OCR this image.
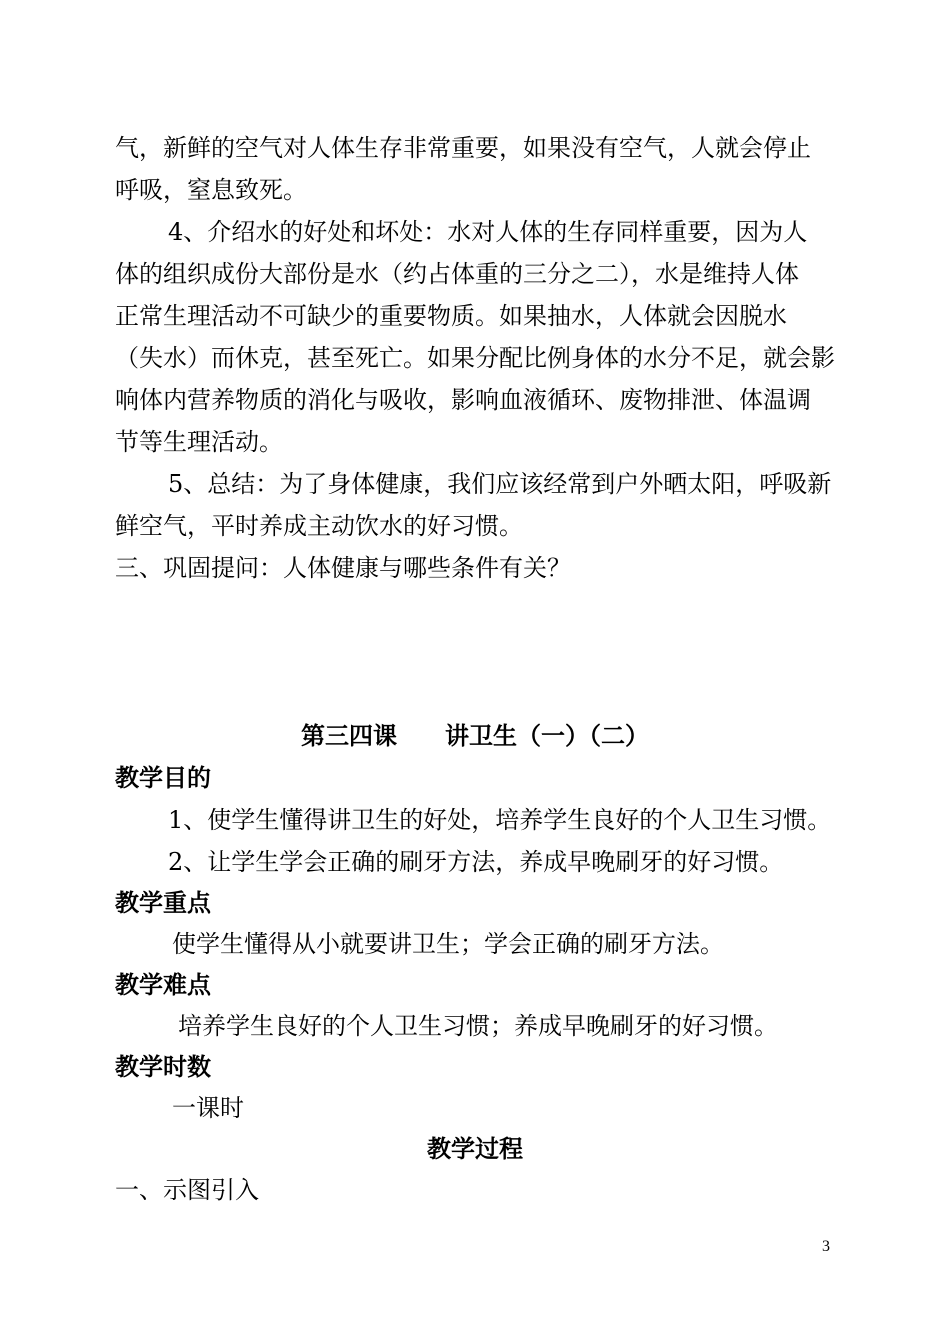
气，新鲜的空气对人体生存非常重要，如果没有空气，人就会停止
呼吸，窒息致死。
4、介绍水的好处和坏处：水对人体的生存同样重要，因为人
体的组织成份大部份是水（约占体重的三分之二），水是维持人体
正常生理活动不可缺少的重要物质。如果抽水，人体就会因脱水
（失水）而休克，甚至死亡。如果分配比例身体的水分不足，就会影
响体内营养物质的消化与吸收，影响血液循环、废物排泄、体温调
节等生理活动。
5、总结：为了身体健康，我们应该经常到户外晒太阳，呼吸新
鲜空气，平时养成主动饮水的好习惯。
三、巩固提问：人体健康与哪些条件有关？
第三四课 讲卫生（一）（二）
教学目的
1、使学生懂得讲卫生的好处，培养学生良好的个人卫生习惯。
2、让学生学会正确的刷牙方法，养成早晚刷牙的好习惯。
教学重点
使学生懂得从小就要讲卫生；学会正确的刷牙方法。
教学难点
培养学生良好的个人卫生习惯；养成早晚刷牙的好习惯。
教学时数
一课时
教学过程
一、示图引入
3
